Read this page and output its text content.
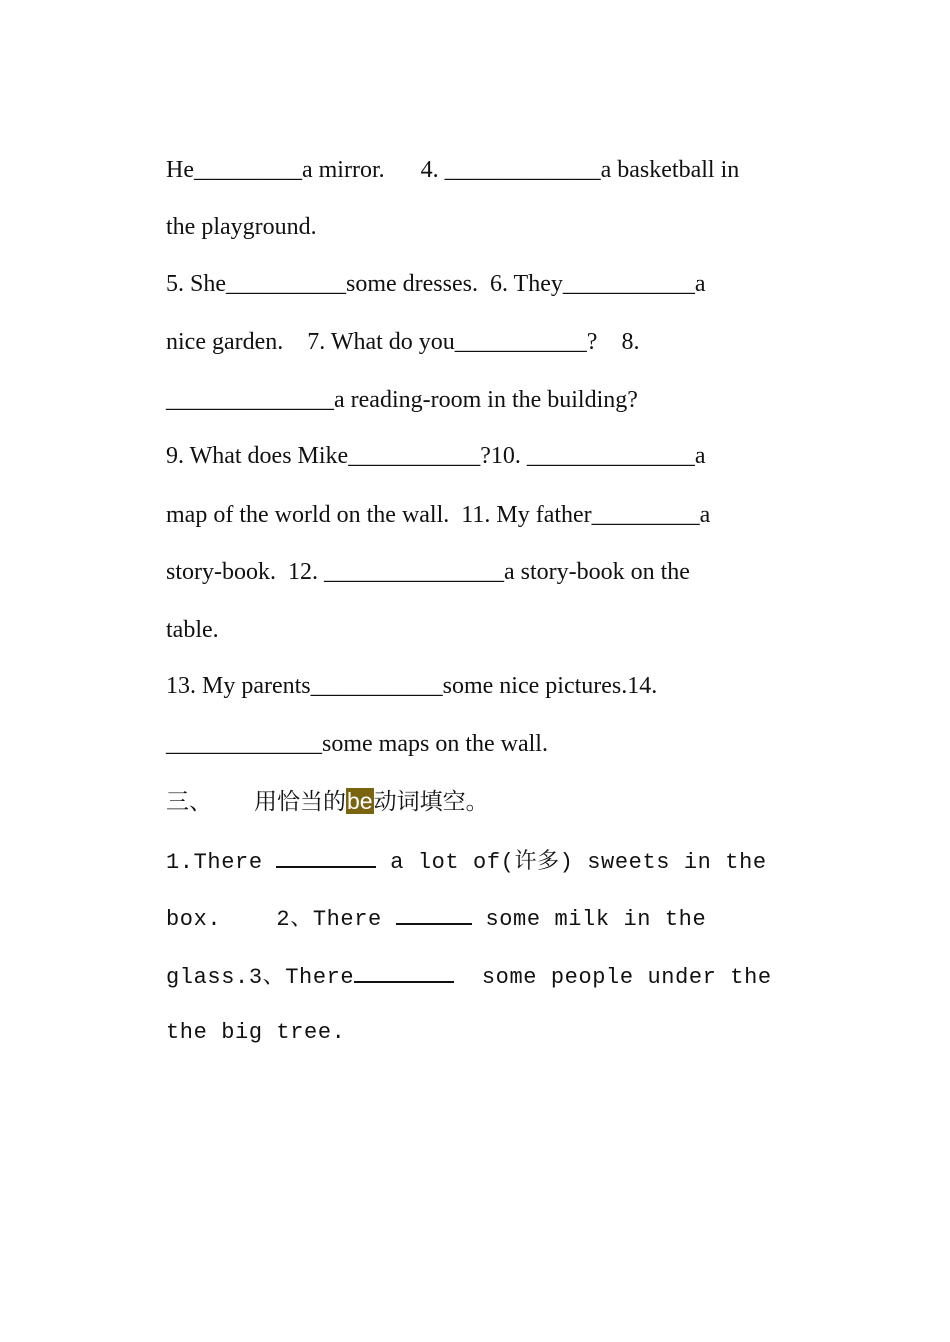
He_________a mirror.      4. _____________a basketball in
the playground.
5. She__________some dresses.  6. They___________a
nice garden.    7. What do you___________?    8.
______________a reading-room in the building?
9. What does Mike___________?10. ______________a
map of the world on the wall.  11. My father_________a
story-book.  12. _______________a story-book on the
table.
13. My parents___________some nice pictures.14.
_____________some maps on the wall.
三、 用恰当的be动词填空。
1.There	a lot of(许多) sweets in the
box.    2、There	some milk in the
glass.3、There	some people under the
the big tree.
